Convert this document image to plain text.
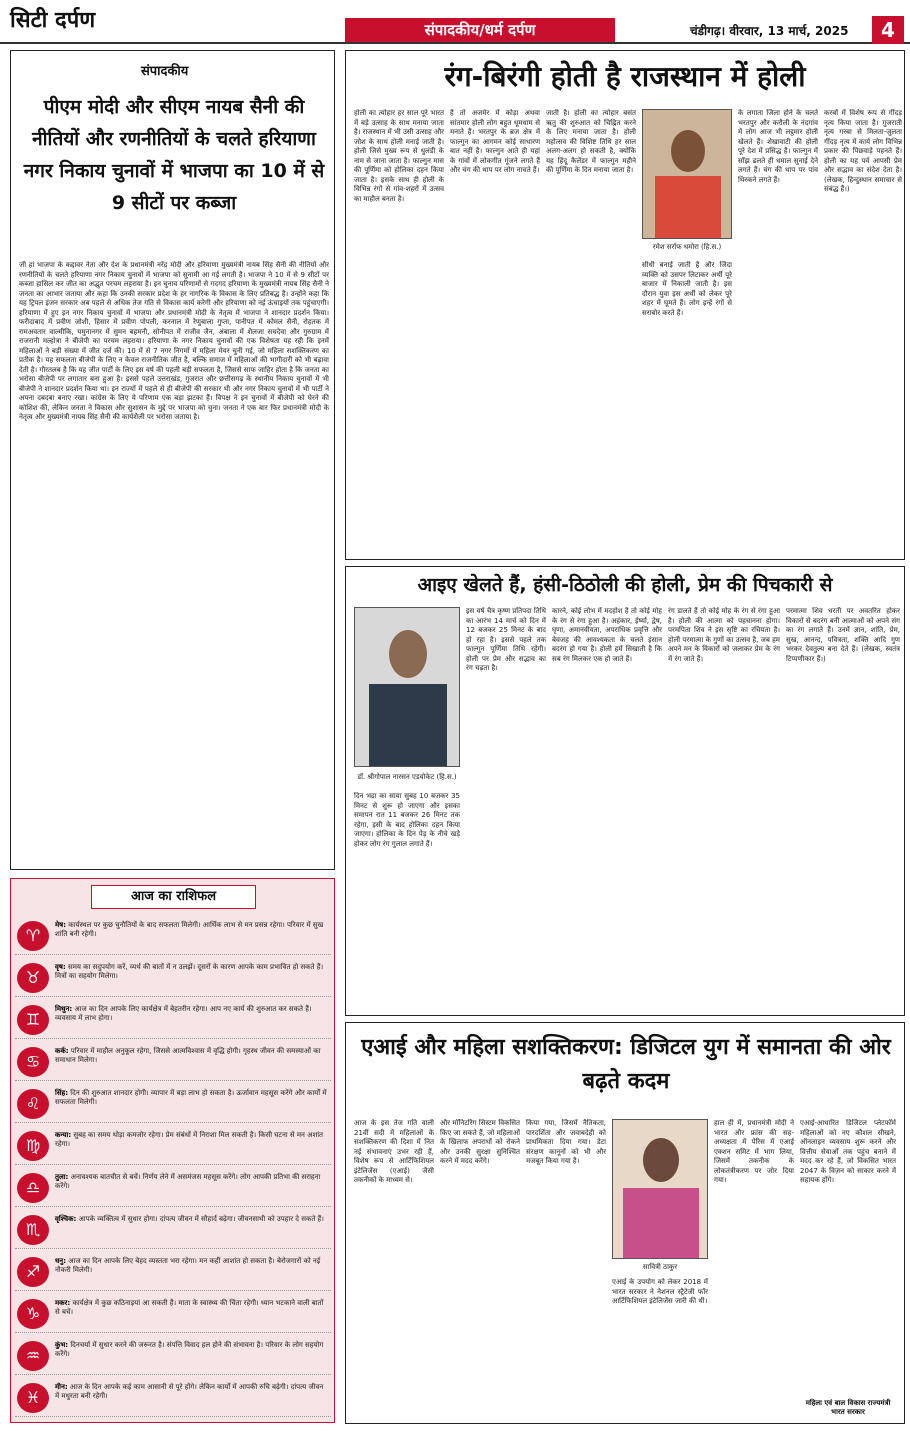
सिटी दर्पण	संपादकीय/धर्म दर्पण	चंडीगढ़। वीरवार, 13 मार्च, 2025	4
संपादकीय
पीएम मोदी और सीएम नायब सैनी की नीतियों और रणनीतियों के चलते हरियाणा नगर निकाय चुनावों में भाजपा का 10 में से 9 सीटों पर कब्जा
जी हां भाजपा के कद्दावर नेता और देश के प्रधानमंत्री नरेंद्र मोदी और हरियाणा मुख्यमंत्री नायब सिंह सैनी की नीतियों और रणनीतियों के चलते हरियाणा नगर निकाय चुनावों में भाजपा को सुनामी आ गई लगती है। भाजपा ने 10 में से 9 सीटों पर कब्जा हासिल कर जीत का अद्भुत परचम लहराया है। इन चुनाव परिणामों से गदगद हरियाणा के मुख्यमंत्री नायब सिंह सैनी ने जनता का आभार जताया और कहा कि उनकी सरकार प्रदेश के हर नागरिक के विकास के लिए प्रतिबद्ध है। उन्होंने कहा कि यह ट्रिपल इंजन सरकार अब पहले से अधिक तेज गति से विकास कार्य करेगी और हरियाणा को नई ऊंचाइयों तक पहुंचाएगी। हरियाणा में हुए इन नगर निकाय चुनावों में भाजपा और प्रधानमंत्री मोदी के नेतृत्व में भाजपा ने शानदार प्रदर्शन किया। फरीदाबाद में प्रवीण जोशी, हिसार में प्रवीण पोपली, करनाल में रेणुबाला गुप्ता, पानीपत में कोमल सैनी, रोहतक में रामअवतार वाल्मीकि, यमुनानगर में सुमन बहमनी, सोनीपत में राजीव जैन, अंबाला में शैलजा सचदेवा और गुरुग्राम में राजरानी मल्होत्रा ने बीजेपी का परचम लहराया। हरियाणा के नगर निकाय चुनावों की एक विशेषता यह रही कि इनमें महिलाओं ने बड़ी संख्या में जीत दर्ज की। 10 में से 7 नगर निगमों में महिला मेयर चुनी गई, जो महिला सशक्तिकरण का प्रतीक है। यह सफलता बीजेपी के लिए न केवल राजनीतिक जीत है, बल्कि समाज में महिलाओं की भागीदारी को भी बढ़ावा देती है। गौरतलब है कि यह जीत पार्टी के लिए इस वर्ष की पहली बड़ी सफलता है, जिससे साफ जाहिर होता है कि जनता का भरोसा बीजेपी पर लगातार बना हुआ है। इससे पहले उत्तराखंड, गुजरात और छत्तीसगढ़ के स्थानीय निकाय चुनावों में भी बीजेपी ने शानदार प्रदर्शन किया था। इन राज्यों में पहले से ही बीजेपी की सरकार थी और नगर निकाय चुनावों में भी पार्टी ने अपना दबदबा बनाए रखा। कांग्रेस के लिए ये परिणाम एक बड़ा झटका हैं। विपक्ष ने इन चुनावों में बीजेपी को घेरने की कोशिश की, लेकिन जनता ने विकास और सुशासन के मुद्दे पर भाजपा को चुना। जनता ने एक बार फिर प्रधानमंत्री मोदी के नेतृत्व और मुख्यमंत्री नायब सिंह सैनी की कार्यशैली पर भरोसा जताया है।
आज का राशिफल
♈
मेष: कार्यस्थल पर कुछ चुनौतियों के बाद सफलता मिलेगी। आर्थिक लाभ से मन प्रसन्न रहेगा। परिवार में सुख शांति बनी रहेगी।
♉
वृष: समय का सदुपयोग करें, व्यर्थ की बातों में न उलझें। दूसरों के कारण आपके काम प्रभावित हो सकते हैं। मित्रों का सहयोग मिलेगा।
♊
मिथुन: आज का दिन आपके लिए कार्यक्षेत्र में बेहतरीन रहेगा। आप नए कार्य की शुरुआत कर सकते हैं। व्यवसाय में लाभ होगा।
♋
कर्क: परिवार में माहौल अनुकूल रहेगा, जिससे आत्मविश्वास में वृद्धि होगी। गृहस्थ जीवन की समस्याओं का समाधान मिलेगा।
♌
सिंह: दिन की शुरुआत शानदार होगी। व्यापार में बड़ा लाभ हो सकता है। ऊर्जावान महसूस करेंगे और कार्यों में सफलता मिलेगी।
♍
कन्या: सुबह का समय थोड़ा कमजोर रहेगा। प्रेम संबंधों में निराशा मिल सकती है। किसी घटना से मन अशांत रहेगा।
♎
तुला: अनावश्यक बातचीत से बचें। निर्णय लेने में असमंजस महसूस करेंगे। लोग आपकी प्रतिभा की सराहना करेंगे।
♏
वृश्चिक: आपके व्यक्तित्व में सुधार होगा। दांपत्य जीवन में सौहार्द बढ़ेगा। जीवनसाथी को उपहार दे सकते हैं।
♐
धनु: आज का दिन आपके लिए बेहद व्यस्तता भरा रहेगा। मन कहीं आशांत हो सकता है। बेरोजगारों को नई नौकरी मिलेगी।
♑
मकर: कार्यक्षेत्र में कुछ कठिनाइयां आ सकती हैं। माता के स्वास्थ्य की चिंता रहेगी। ध्यान भटकाने वाली बातों से बचें।
♒
कुंभ: दिनचर्या में सुधार करने की जरूरत है। संपत्ति विवाद हल होने की संभावना है। परिवार के लोग सहयोग करेंगे।
♓
मीन: आज के दिन आपके कई काम आसानी से पूरे होंगे। लेकिन कार्यों में आपकी रुचि बढ़ेगी। दांपत्य जीवन में मधुरता बनी रहेगी।
रंग-बिरंगी होती है राजस्थान में होली
होली का त्योहार हर साल पूरे भारत में बड़े उत्साह के साथ मनाया जाता है। राजस्थान में भी उसी उत्साह और जोश के साथ होली मनाई जाती है। होली जिसे मुख्य रूप से धुलंडी के नाम से जाना जाता है। फाल्गुन मास की पूर्णिमा को होलिका दहन किया जाता है। इसके साथ ही होली के विभिन्न रंगों से गांव-शहरों में उत्सव का माहौल बनता है।
है तो अजमेर में कोड़ा अथवा सांतमार होली लोग बहुत धूमधाम से मनाते हैं। भरतपुर के ब्रज क्षेत्र में फाल्गुन का आगमन कोई साधारण बात नहीं है। फाल्गुन आते ही यहां के गांवों में लोकगीत गूंजने लगते हैं और चंग की थाप पर लोग नाचते हैं।
जाती है। होली का त्योहार बसंत ऋतु की शुरुआत को चिह्नित करने के लिए मनाया जाता है। होली महोत्सव की विशिष्ट तिथि हर साल अलग-अलग हो सकती है, क्योंकि यह हिंदू कैलेंडर में फाल्गुन महीने की पूर्णिमा के दिन मनाया जाता है।
रमेश सर्राफ धमोरा (हि.स.)
सीधी बनाई जाती है और जिंदा व्यक्ति को उसपर लिटाकर अर्थी पूरे बाजार में निकाली जाती है। इस दौरान युवा इस अर्थी को लेकर पूरे शहर में घूमते हैं। लोग इन्हें रंगों से सराबोर करते हैं।
के लगाता जिला होने के चलते भरतपुर और करौली के नंदगांव में लोग आज भी लट्ठमार होली खेलते हैं। शेखावाटी की होली पूरे देश में प्रसिद्ध है। फाल्गुन में साँझ ढलते ही धमाल सुनाई देने लगते हैं। चंग की थाप पर पांव थिरकने लगते हैं।
करबों में विशेष रूप से गींदड़ नृत्य किया जाता है। गुजराती नृत्य गरबा से मिलता-जुलता गींदड़ नृत्य में कार्य लोग विभिन्न प्रकार की पिछवाड़े पहनते हैं। होली का यह पर्व आपसी प्रेम और सद्भाव का संदेश देता है। (लेखक, हिन्दुस्थान समाचार से संबंद्ध हैं।)
आइए खेलते हैं, हंसी-ठिठोली की होली, प्रेम की पिचकारी से
डॉ. श्रीगोपाल नारसन एडवोकेट (हि.स.)
दिन भद्रा का साया सुबह 10 बजकर 35 मिनट से शुरू हो जाएगा और इसका समापन रात 11 बजकर 26 मिनट तक रहेगा, इसी के बाद होलिका दहन किया जाएगा। होलिका के दिन पेड़ के नीचे खड़े होकर लोग रंग गुलाल लगाते हैं।
इस वर्ष चैत्र कृष्ण प्रतिपदा तिथि का आरंभ 14 मार्च को दिन में 12 बजकर 25 मिनट के बाद हो रहा है। इससे पहले तक फाल्गुन पूर्णिमा तिथि रहेगी। होली पर प्रेम और सद्भाव का रंग चढ़ता है।
कारने, कोई लोभ में मदहोश है तो कोई मोह के रंग से रंगा हुआ है। अहंकार, ईर्ष्या, द्वेष, घृणा, अमानवीयता, अपराधिक प्रवृत्ति और बेवजह की आवश्यकता के चलते इंसान बदरंग हो गया है। होली हमें सिखाती है कि सब रंग मिलकर एक हो जाते हैं।
रंग डालते हैं तो कोई मोह के रंग से रंगा हुआ है। होली की आत्मा को पहचानना होगा। परमपिता शिव ने इस सृष्टि का रचियता है। होली परमात्मा के गुणों का उत्सव है, जब हम अपने मन के विकारों को जलाकर प्रेम के रंग में रंग जाते हैं।
परमात्मा शिव धरती पर अवतरित होकर विकारों से बदरंग बनी आत्माओं को अपने संग का रंग लगाते हैं। उनमें ज्ञान, शांति, प्रेम, सुख, आनन्द, पवित्रता, शक्ति आदि गुण भरकर देवतुल्य बना देते हैं। (लेखक, स्वतंत्र टिप्पणीकार हैं।)
एआई और महिला सशक्तिकरण: डिजिटल युग में समानता की ओर बढ़ते कदम
आज के इस तेज गति वाली 21वीं सदी में महिलाओं के सशक्तिकरण की दिशा में नित नई संभावनाएं उभर रही हैं, विशेष रूप से आर्टिफिशियल इंटेलिजेंस (एआई) जैसी तकनीकों के माध्यम से।
और मॉनिटरिंग सिस्टम विकसित किए जा सकते हैं, जो महिलाओं के खिलाफ अपराधों को रोकने और उनकी सुरक्षा सुनिश्चित करने में मदद करेंगे।
किया गया, जिसमें नैतिकता, पारदर्शिता और जवाबदेही को प्राथमिकता दिया गया। डेटा संरक्षण कानूनों को भी और मजबूत किया गया है।
सावित्री ठाकुर
एआई के उपयोग को लेकर 2018 में भारत सरकार ने नेशनल स्ट्रैटेजी फॉर आर्टिफिशियल इंटेलिजेंस जारी की थी।
हाल ही में, प्रधानमंत्री मोदी ने भारत और फ्रांस की सह-अध्यक्षता में पेरिस में एआई एक्शन समिट में भाग लिया, जिसमें तकनीक के लोकतंत्रीकरण पर जोर दिया गया।
एआई-आधारित डिजिटल प्लेटफॉर्म महिलाओं को नए कौशल सीखने, ऑनलाइन व्यवसाय शुरू करने और वित्तीय सेवाओं तक पहुंच बनाने में मदद कर रहे हैं, जो विकसित भारत 2047 के विज़न को साकार करने में सहायक होंगे।
महिला एवं बाल विकास राज्यमंत्री भारत सरकार
